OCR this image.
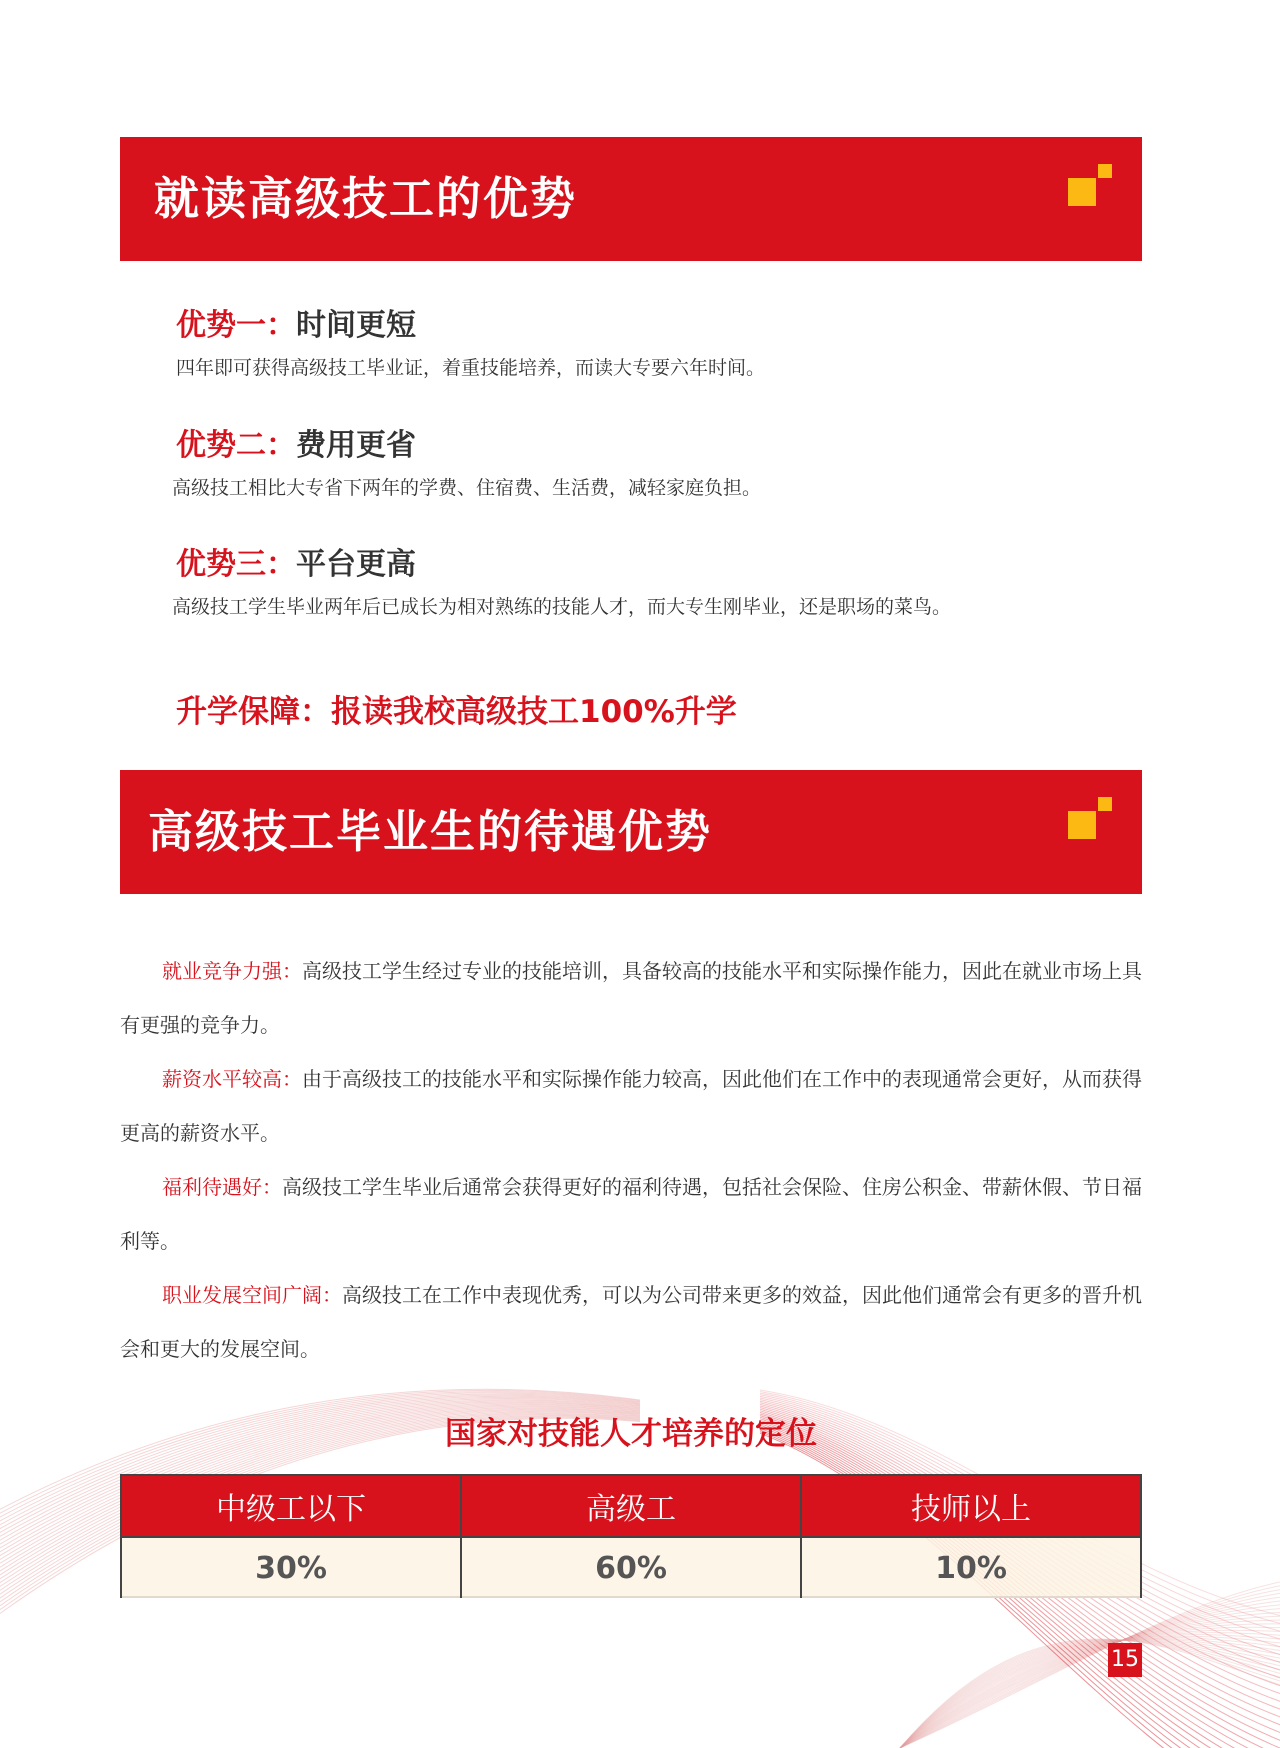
就读高级技工的优势

优势一：时间更短

四年即可获得高级技工毕业证，着重技能培养，而读大专要六年时间。

优势二：费用更省

高级技工相比大专省下两年的学费、住宿费、生活费，减轻家庭负担。

优势三：平台更高

高级技工学生毕业两年后已成长为相对熟练的技能人才，而大专生刚毕业，还是职场的菜鸟。

升学保障：报读我校高级技工100%升学

高级技工毕业生的待遇优势

就业竞争力强：高级技工学生经过专业的技能培训，具备较高的技能水平和实际操作能力，因此在就业市场上具有更强的竞争力。

薪资水平较高：由于高级技工的技能水平和实际操作能力较高，因此他们在工作中的表现通常会更好，从而获得更高的薪资水平。

福利待遇好：高级技工学生毕业后通常会获得更好的福利待遇，包括社会保险、住房公积金、带薪休假、节日福利等。

职业发展空间广阔：高级技工在工作中表现优秀，可以为公司带来更多的效益，因此他们通常会有更多的晋升机会和更大的发展空间。

国家对技能人才培养的定位

中级工以下	高级工	技师以上
30%	60%	10%
15
